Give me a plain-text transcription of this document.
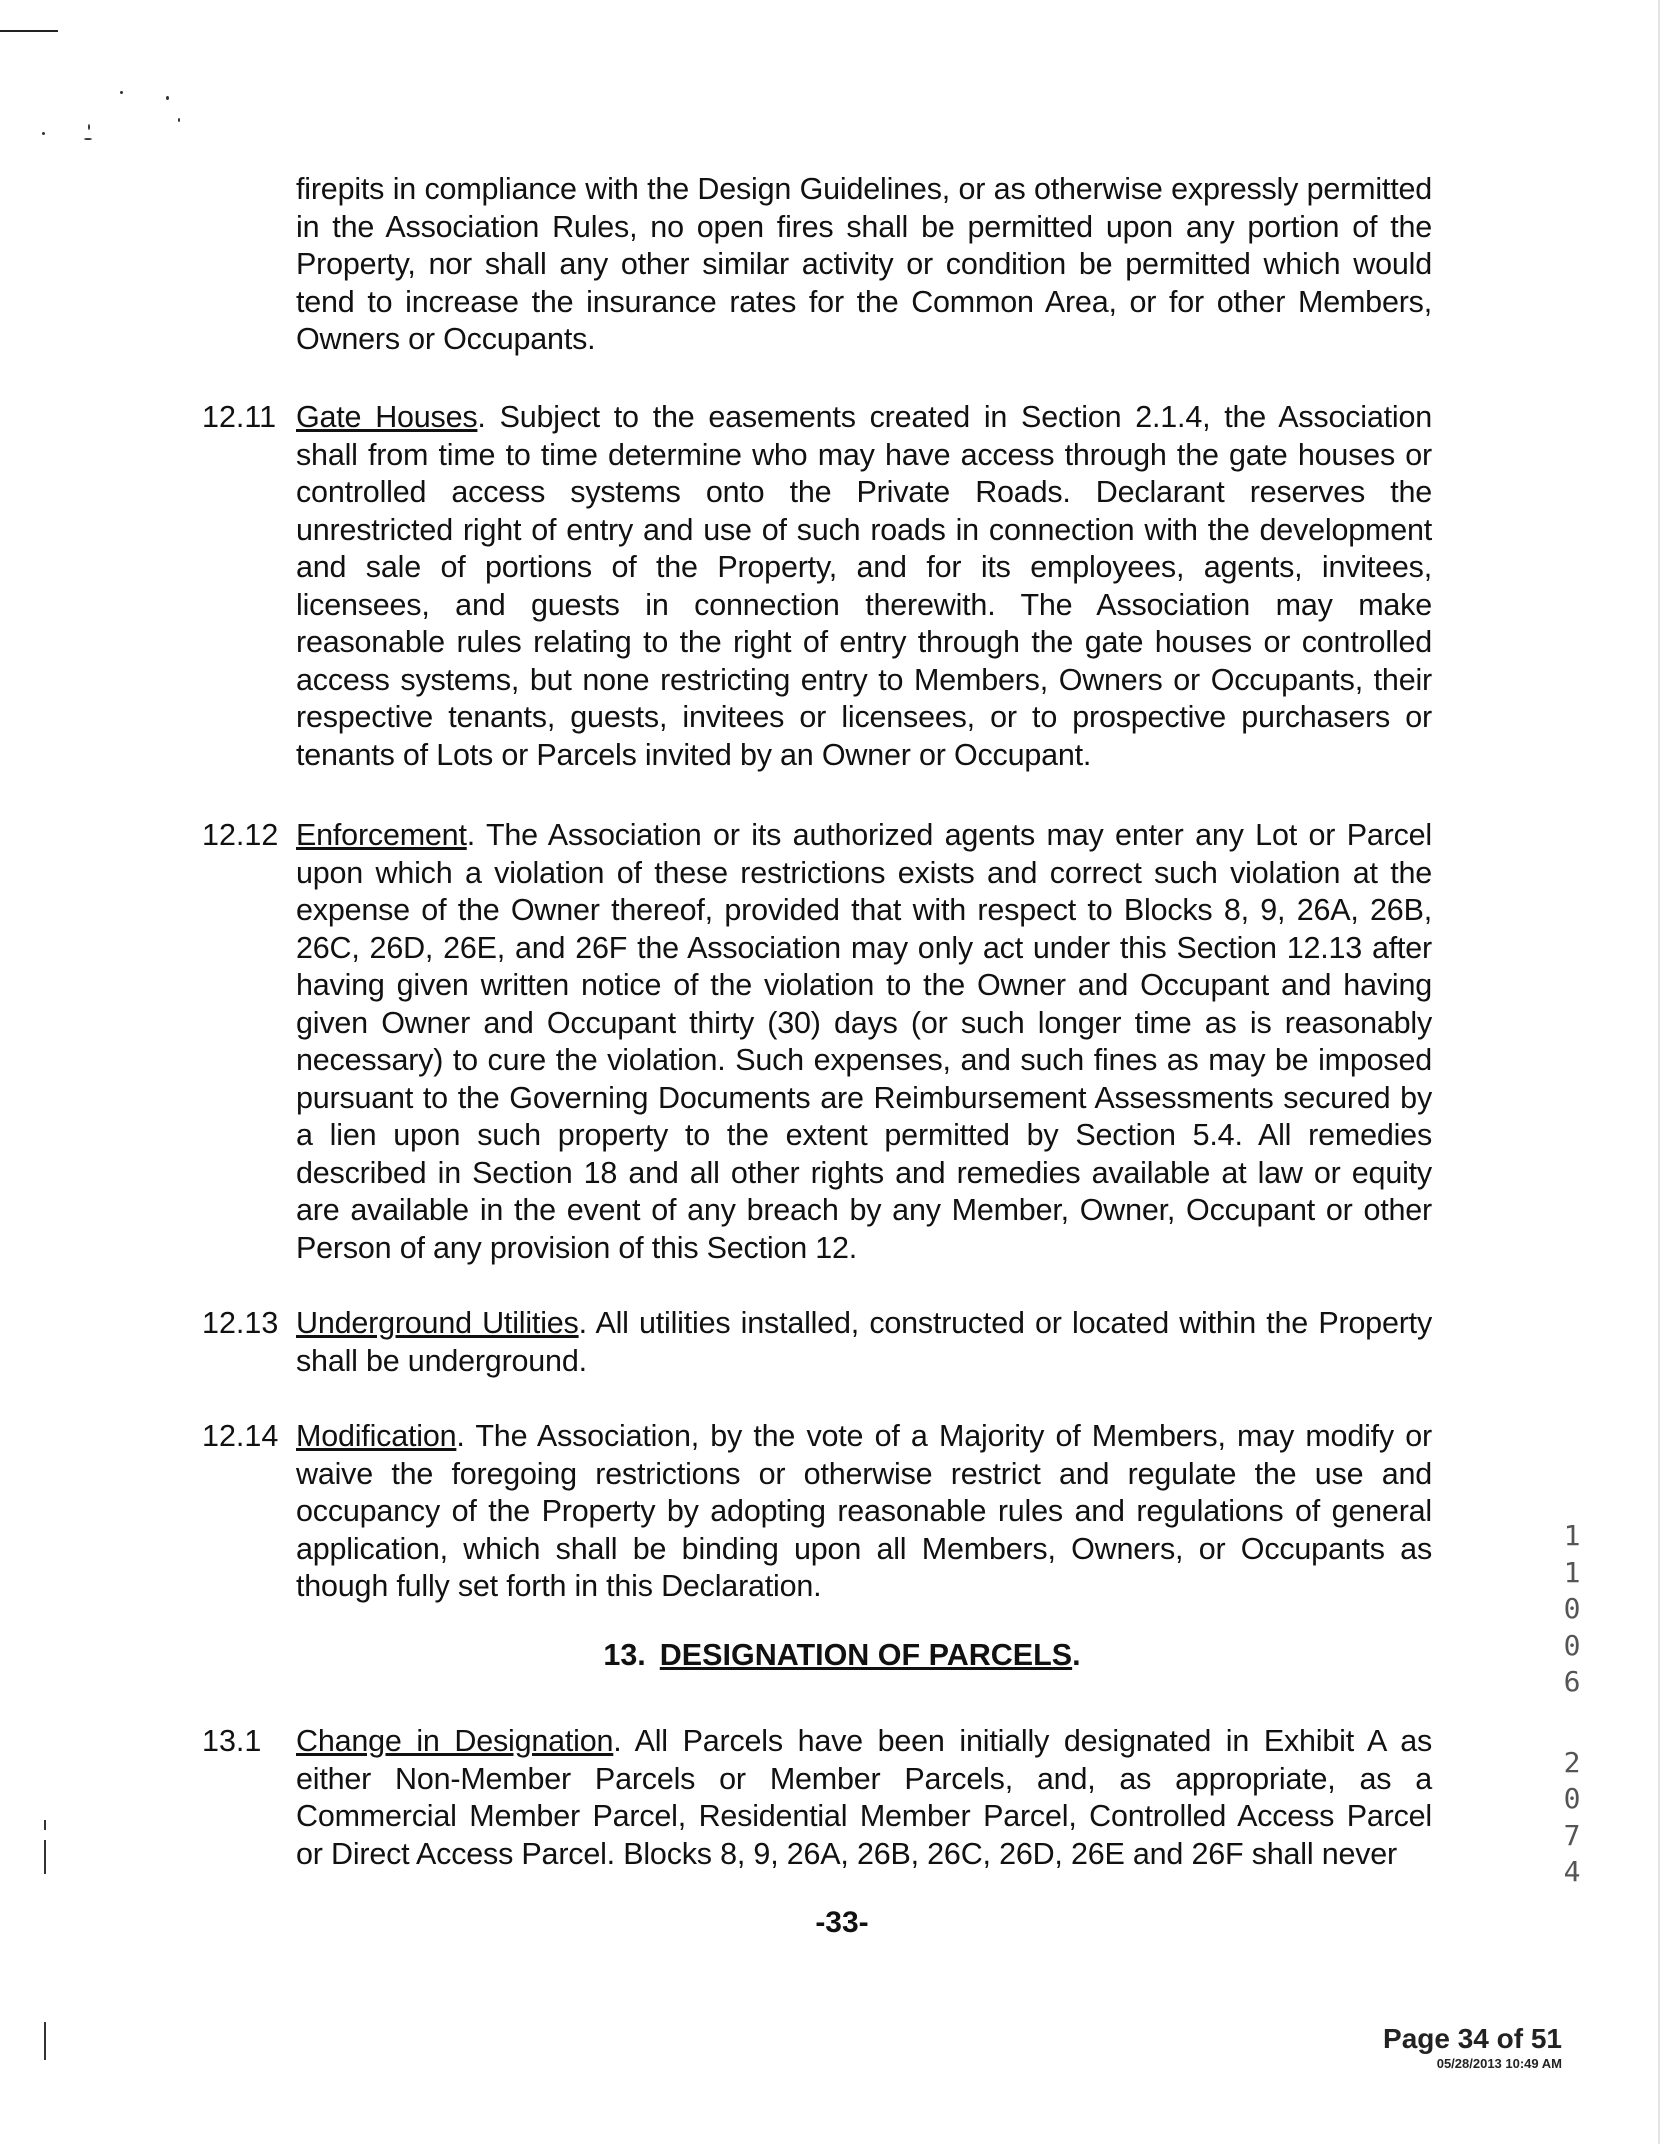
firepits in compliance with the Design Guidelines, or as otherwise expressly permitted in the Association Rules, no open fires shall be permitted upon any portion of the Property, nor shall any other similar activity or condition be permitted which would tend to increase the insurance rates for the Common Area, or for other Members, Owners or Occupants.
12.11 Gate Houses. Subject to the easements created in Section 2.1.4, the Association shall from time to time determine who may have access through the gate houses or controlled access systems onto the Private Roads. Declarant reserves the unrestricted right of entry and use of such roads in connection with the development and sale of portions of the Property, and for its employees, agents, invitees, licensees, and guests in connection therewith. The Association may make reasonable rules relating to the right of entry through the gate houses or controlled access systems, but none restricting entry to Members, Owners or Occupants, their respective tenants, guests, invitees or licensees, or to prospective purchasers or tenants of Lots or Parcels invited by an Owner or Occupant.
12.12 Enforcement. The Association or its authorized agents may enter any Lot or Parcel upon which a violation of these restrictions exists and correct such violation at the expense of the Owner thereof, provided that with respect to Blocks 8, 9, 26A, 26B, 26C, 26D, 26E, and 26F the Association may only act under this Section 12.13 after having given written notice of the violation to the Owner and Occupant and having given Owner and Occupant thirty (30) days (or such longer time as is reasonably necessary) to cure the violation. Such expenses, and such fines as may be imposed pursuant to the Governing Documents are Reimbursement Assessments secured by a lien upon such property to the extent permitted by Section 5.4. All remedies described in Section 18 and all other rights and remedies available at law or equity are available in the event of any breach by any Member, Owner, Occupant or other Person of any provision of this Section 12.
12.13 Underground Utilities. All utilities installed, constructed or located within the Property shall be underground.
12.14 Modification. The Association, by the vote of a Majority of Members, may modify or waive the foregoing restrictions or otherwise restrict and regulate the use and occupancy of the Property by adopting reasonable rules and regulations of general application, which shall be binding upon all Members, Owners, or Occupants as though fully set forth in this Declaration.
13. DESIGNATION OF PARCELS.
13.1 Change in Designation. All Parcels have been initially designated in Exhibit A as either Non-Member Parcels or Member Parcels, and, as appropriate, as a Commercial Member Parcel, Residential Member Parcel, Controlled Access Parcel or Direct Access Parcel. Blocks 8, 9, 26A, 26B, 26C, 26D, 26E and 26F shall never
-33-
1
1
0
0
6
2
0
7
4
Page 34 of 51
05/28/2013 10:49 AM
